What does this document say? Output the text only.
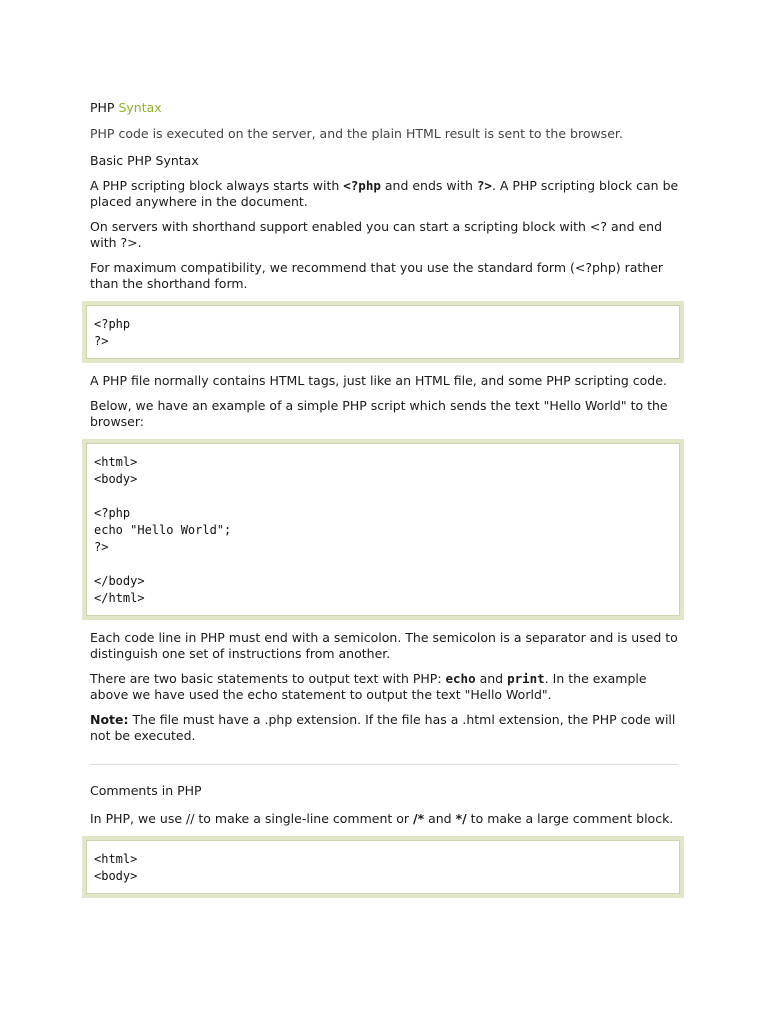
PHP Syntax

PHP code is executed on the server, and the plain HTML result is sent to the browser.

Basic PHP Syntax

A PHP scripting block always starts with <?php and ends with ?>. A PHP scripting block can be placed anywhere in the document.

On servers with shorthand support enabled you can start a scripting block with <? and end with ?>.

For maximum compatibility, we recommend that you use the standard form (<?php) rather than the shorthand form.

<?php
?>

A PHP file normally contains HTML tags, just like an HTML file, and some PHP scripting code.

Below, we have an example of a simple PHP script which sends the text "Hello World" to the browser:

<html>
<body>
<?php
echo "Hello World";
?>
</body>
</html>

Each code line in PHP must end with a semicolon. The semicolon is a separator and is used to distinguish one set of instructions from another.

There are two basic statements to output text with PHP: echo and print. In the example above we have used the echo statement to output the text "Hello World".

Note: The file must have a .php extension. If the file has a .html extension, the PHP code will not be executed.

Comments in PHP

In PHP, we use // to make a single-line comment or /* and */ to make a large comment block.

<html>
<body>
